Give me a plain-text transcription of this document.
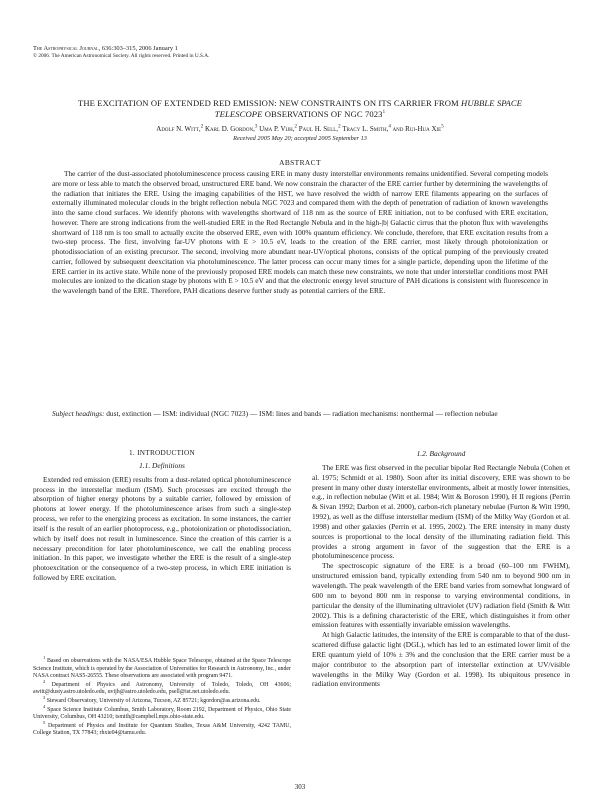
The Astrophysical Journal, 636:303–315, 2006 January 1
© 2006. The American Astronomical Society. All rights reserved. Printed in U.S.A.
THE EXCITATION OF EXTENDED RED EMISSION: NEW CONSTRAINTS ON ITS CARRIER FROM HUBBLE SPACE TELESCOPE OBSERVATIONS OF NGC 7023$^1$
Adolf N. Witt,$^2$ Karl D. Gordon,$^3$ Uma P. Vijh,$^2$ Paul H. Sell,$^2$ Tracy L. Smith,$^4$ and Rui-Hua Xie$^5$
Received 2005 May 20; accepted 2005 September 13
ABSTRACT

The carrier of the dust-associated photoluminescence process causing ERE in many dusty interstellar environments remains unidentified. Several competing models are more or less able to match the observed broad, unstructured ERE band. We now constrain the character of the ERE carrier further by determining the wavelengths of the radiation that initiates the ERE. Using the imaging capabilities of the HST, we have resolved the width of narrow ERE filaments appearing on the surfaces of externally illuminated molecular clouds in the bright reflection nebula NGC 7023 and compared them with the depth of penetration of radiation of known wavelengths into the same cloud surfaces. We identify photons with wavelengths shortward of 118 nm as the source of ERE initiation, not to be confused with ERE excitation, however. There are strong indications from the well-studied ERE in the Red Rectangle Nebula and in the high-|b| Galactic cirrus that the photon flux with wavelengths shortward of 118 nm is too small to actually excite the observed ERE, even with 100% quantum efficiency. We conclude, therefore, that ERE excitation results from a two-step process. The first, involving far-UV photons with E > 10.5 eV, leads to the creation of the ERE carrier, most likely through photoionization or photodissociation of an existing precursor. The second, involving more abundant near-UV/optical photons, consists of the optical pumping of the previously created carrier, followed by subsequent deexcitation via photoluminescence. The latter process can occur many times for a single particle, depending upon the lifetime of the ERE carrier in its active state. While none of the previously proposed ERE models can match these new constraints, we note that under interstellar conditions most PAH molecules are ionized to the dication stage by photons with E > 10.5 eV and that the electronic energy level structure of PAH dications is consistent with fluorescence in the wavelength band of the ERE. Therefore, PAH dications deserve further study as potential carriers of the ERE.

Subject headings: dust, extinction — ISM: individual (NGC 7023) — ISM: lines and bands — radiation mechanisms: nonthermal — reflection nebulae
1. INTRODUCTION
1.1. Definitions

Extended red emission (ERE) results from a dust-related optical photoluminescence process in the interstellar medium (ISM). Such processes are excited through the absorption of higher energy photons by a suitable carrier, followed by emission of photons at lower energy. If the photoluminescence arises from such a single-step process, we refer to the energizing process as excitation. In some instances, the carrier itself is the result of an earlier photoprocess, e.g., photoionization or photodissociation, which by itself does not result in luminescence. Since the creation of this carrier is a necessary precondition for later photoluminescence, we call the enabling process initiation. In this paper, we investigate whether the ERE is the result of a single-step photoexcitation or the consequence of a two-step process, in which ERE initiation is followed by ERE excitation.

$^1$ Based on observations with the NASA/ESA Hubble Space Telescope, obtained at the Space Telescope Science Institute, which is operated by the Association of Universities for Research in Astronomy, Inc., under NASA contract NAS5-26555. These observations are associated with program 9471.

$^2$ Department of Physics and Astronomy, University of Toledo, Toledo, OH 43606; awitt@dusty.astro.utoledo.edu, uvijh@astro.utoledo.edu, psell@ist.net.utoledo.edu.

$^3$ Steward Observatory, University of Arizona, Tucson, AZ 85721; kgordon@as.arizona.edu.

$^4$ Space Science Institute Columbus, Smith Laboratory, Room 2192, Department of Physics, Ohio State University, Columbus, OH 43210; tsmith@campbell.mps.ohio-state.edu.

$^5$ Department of Physics and Institute for Quantum Studies, Texas A&M University, 4242 TAMU, College Station, TX 77843; rhxie04@tamu.edu.

1.2. Background

The ERE was first observed in the peculiar bipolar Red Rectangle Nebula (Cohen et al. 1975; Schmidt et al. 1980). Soon after its initial discovery, ERE was shown to be present in many other dusty interstellar environments, albeit at mostly lower intensities, e.g., in reflection nebulae (Witt et al. 1984; Witt & Boroson 1990), H II regions (Perrin & Sivan 1992; Darbon et al. 2000), carbon-rich planetary nebulae (Furton & Witt 1990, 1992), as well as the diffuse interstellar medium (ISM) of the Milky Way (Gordon et al. 1998) and other galaxies (Perrin et al. 1995, 2002). The ERE intensity in many dusty sources is proportional to the local density of the illuminating radiation field. This provides a strong argument in favor of the suggestion that the ERE is a photoluminescence process.

The spectroscopic signature of the ERE is a broad (60–100 nm FWHM), unstructured emission band, typically extending from 540 nm to beyond 900 nm in wavelength. The peak wavelength of the ERE band varies from somewhat longward of 600 nm to beyond 800 nm in response to varying environmental conditions, in particular the density of the illuminating ultraviolet (UV) radiation field (Smith & Witt 2002). This is a defining characteristic of the ERE, which distinguishes it from other emission features with essentially invariable emission wavelengths.

At high Galactic latitudes, the intensity of the ERE is comparable to that of the dust-scattered diffuse galactic light (DGL), which has led to an estimated lower limit of the ERE quantum yield of 10% ± 3% and the conclusion that the ERE carrier must be a major contributor to the absorption part of interstellar extinction at UV/visible wavelengths in the Milky Way (Gordon et al. 1998). Its ubiquitous presence in radiation environments

303
